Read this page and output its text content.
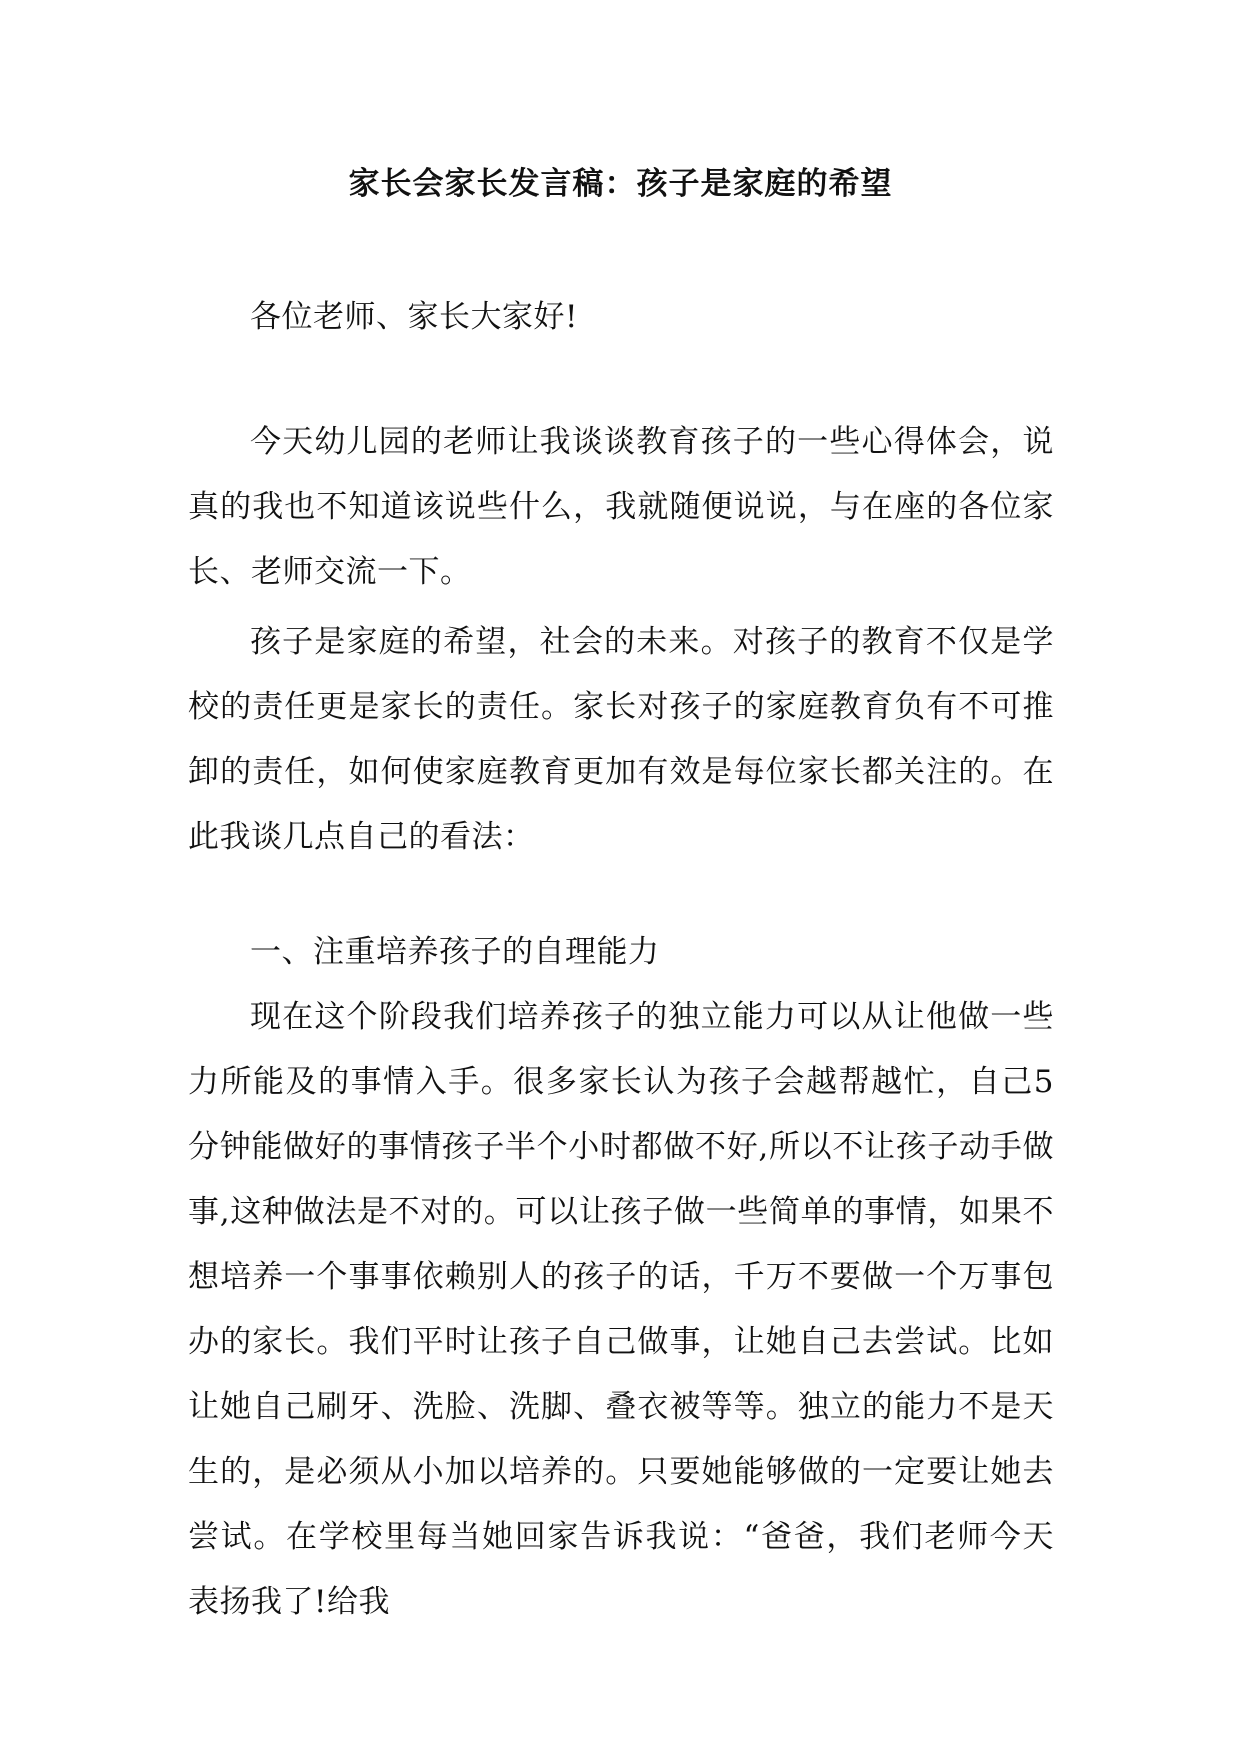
家长会家长发言稿：孩子是家庭的希望

各位老师、家长大家好!

今天幼儿园的老师让我谈谈教育孩子的一些心得体会，说真的我也不知道该说些什么，我就随便说说，与在座的各位家长、老师交流一下。

孩子是家庭的希望，社会的未来。对孩子的教育不仅是学校的责任更是家长的责任。家长对孩子的家庭教育负有不可推卸的责任，如何使家庭教育更加有效是每位家长都关注的。在此我谈几点自己的看法：

一、注重培养孩子的自理能力

现在这个阶段我们培养孩子的独立能力可以从让他做一些力所能及的事情入手。很多家长认为孩子会越帮越忙，自己5分钟能做好的事情孩子半个小时都做不好,所以不让孩子动手做事,这种做法是不对的。可以让孩子做一些简单的事情，如果不想培养一个事事依赖别人的孩子的话，千万不要做一个万事包办的家长。我们平时让孩子自己做事，让她自己去尝试。比如让她自己刷牙、洗脸、洗脚、叠衣被等等。独立的能力不是天生的，是必须从小加以培养的。只要她能够做的一定要让她去尝试。在学校里每当她回家告诉我说：“爸爸，我们老师今天表扬我了!给我
